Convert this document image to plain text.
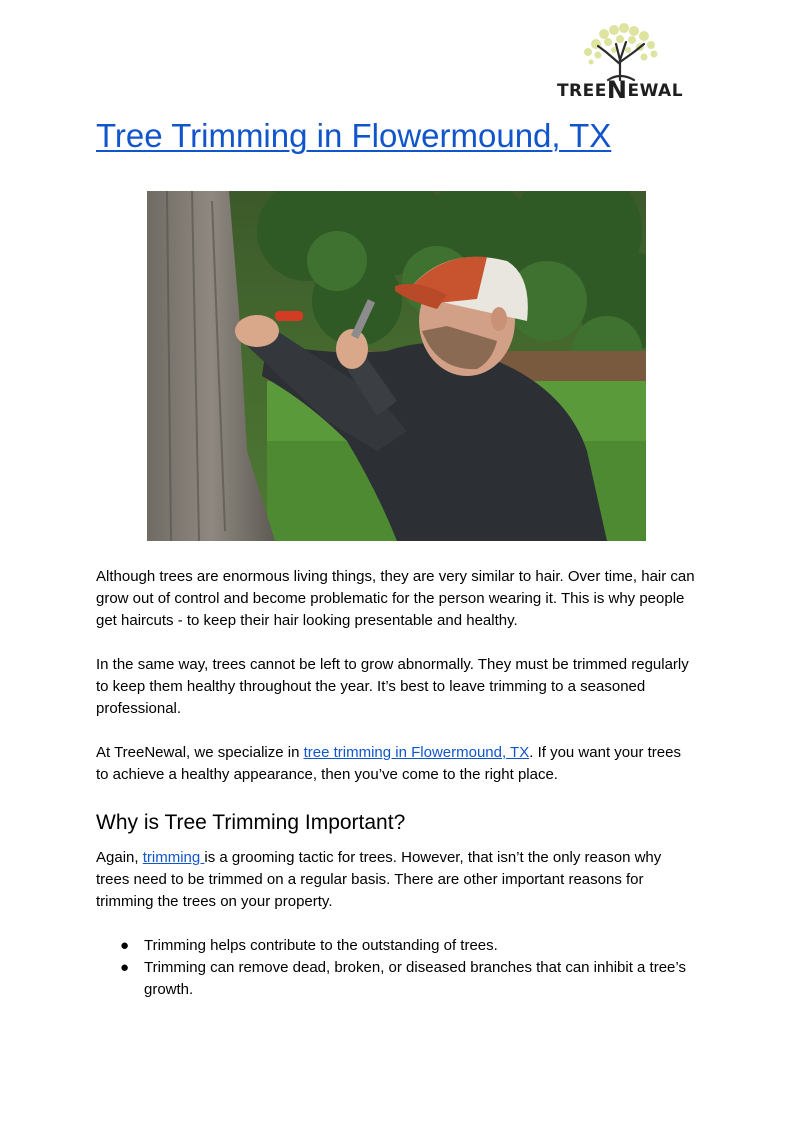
TREENEWAL
Tree Trimming in Flowermound, TX

Although trees are enormous living things, they are very similar to hair. Over time, hair can grow out of control and become problematic for the person wearing it. This is why people get haircuts - to keep their hair looking presentable and healthy.

In the same way, trees cannot be left to grow abnormally. They must be trimmed regularly to keep them healthy throughout the year. It’s best to leave trimming to a seasoned professional.

At TreeNewal, we specialize in tree trimming in Flowermound, TX. If you want your trees to achieve a healthy appearance, then you’ve come to the right place.

Why is Tree Trimming Important?

Again, trimming is a grooming tactic for trees. However, that isn’t the only reason why trees need to be trimmed on a regular basis. There are other important reasons for trimming the trees on your property.

● Trimming helps contribute to the outstanding of trees.
● Trimming can remove dead, broken, or diseased branches that can inhibit a tree’s growth.
